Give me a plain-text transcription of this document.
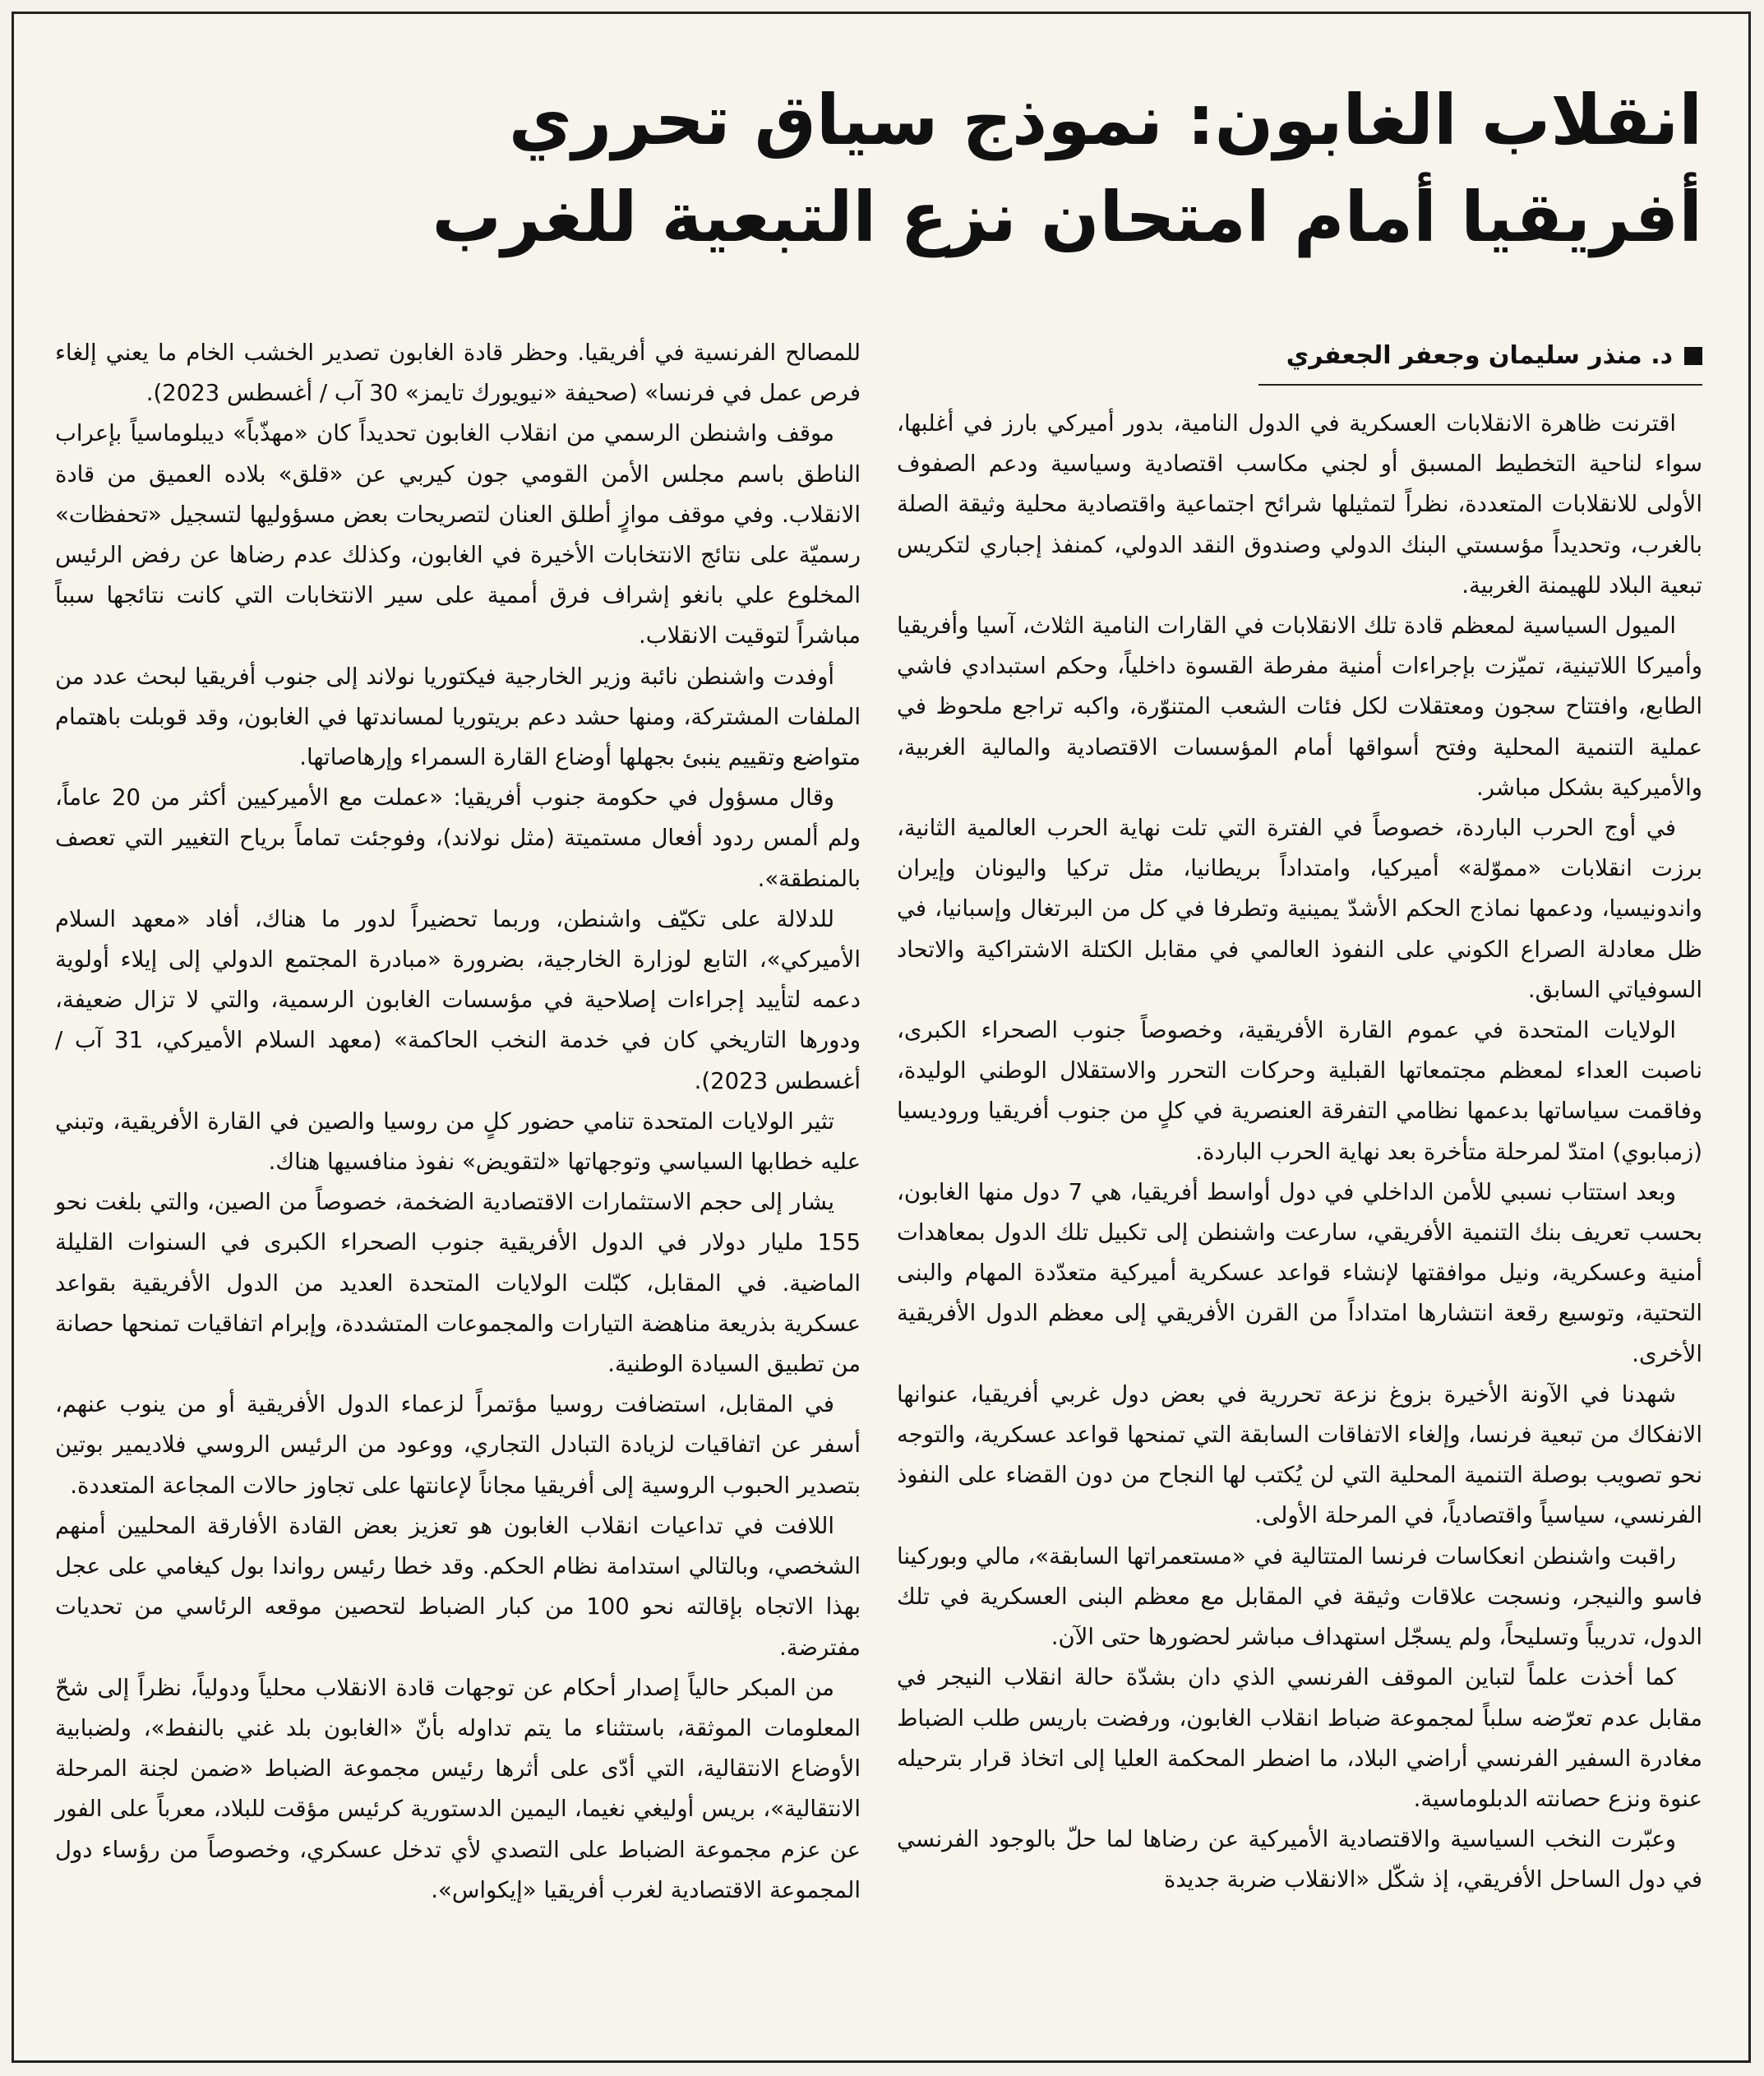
انقلاب الغابون: نموذج سياق تحرري
أفريقيا أمام امتحان نزع التبعية للغرب
د. منذر سليمان وجعفر الجعفري

اقترنت ظاهرة الانقلابات العسكرية في الدول النامية، بدور أميركي بارز في أغلبها، سواء لناحية التخطيط المسبق أو لجني مكاسب اقتصادية وسياسية ودعم الصفوف الأولى للانقلابات المتعددة، نظراً لتمثيلها شرائح اجتماعية واقتصادية محلية وثيقة الصلة بالغرب، وتحديداً مؤسستي البنك الدولي وصندوق النقد الدولي، كمنفذ إجباري لتكريس تبعية البلاد للهيمنة الغربية.

الميول السياسية لمعظم قادة تلك الانقلابات في القارات النامية الثلاث، آسيا وأفريقيا وأميركا اللاتينية، تميّزت بإجراءات أمنية مفرطة القسوة داخلياً، وحكم استبدادي فاشي الطابع، وافتتاح سجون ومعتقلات لكل فئات الشعب المتنوّرة، واكبه تراجع ملحوظ في عملية التنمية المحلية وفتح أسواقها أمام المؤسسات الاقتصادية والمالية الغربية، والأميركية بشكل مباشر.

في أوج الحرب الباردة، خصوصاً في الفترة التي تلت نهاية الحرب العالمية الثانية، برزت انقلابات «مموّلة» أميركيا، وامتداداً بريطانيا، مثل تركيا واليونان وإيران واندونيسيا، ودعمها نماذج الحكم الأشدّ يمينية وتطرفا في كل من البرتغال وإسبانيا، في ظل معادلة الصراع الكوني على النفوذ العالمي في مقابل الكتلة الاشتراكية والاتحاد السوفياتي السابق.

الولايات المتحدة في عموم القارة الأفريقية، وخصوصاً جنوب الصحراء الكبرى، ناصبت العداء لمعظم مجتمعاتها القبلية وحركات التحرر والاستقلال الوطني الوليدة، وفاقمت سياساتها بدعمها نظامي التفرقة العنصرية في كلٍ من جنوب أفريقيا وروديسيا (زمبابوي) امتدّ لمرحلة متأخرة بعد نهاية الحرب الباردة.

وبعد استتاب نسبي للأمن الداخلي في دول أواسط أفريقيا، هي 7 دول منها الغابون، بحسب تعريف بنك التنمية الأفريقي، سارعت واشنطن إلى تكبيل تلك الدول بمعاهدات أمنية وعسكرية، ونيل موافقتها لإنشاء قواعد عسكرية أميركية متعدّدة المهام والبنى التحتية، وتوسيع رقعة انتشارها امتداداً من القرن الأفريقي إلى معظم الدول الأفريقية الأخرى.

شهدنا في الآونة الأخيرة بزوغ نزعة تحررية في بعض دول غربي أفريقيا، عنوانها الانفكاك من تبعية فرنسا، وإلغاء الاتفاقات السابقة التي تمنحها قواعد عسكرية، والتوجه نحو تصويب بوصلة التنمية المحلية التي لن يُكتب لها النجاح من دون القضاء على النفوذ الفرنسي، سياسياً واقتصادياً، في المرحلة الأولى.

راقبت واشنطن انعكاسات فرنسا المتتالية في «مستعمراتها السابقة»، مالي وبوركينا فاسو والنيجر، ونسجت علاقات وثيقة في المقابل مع معظم البنى العسكرية في تلك الدول، تدريباً وتسليحاً، ولم يسجّل استهداف مباشر لحضورها حتى الآن.

كما أخذت علماً لتباين الموقف الفرنسي الذي دان بشدّة حالة انقلاب النيجر في مقابل عدم تعرّضه سلباً لمجموعة ضباط انقلاب الغابون، ورفضت باريس طلب الضباط مغادرة السفير الفرنسي أراضي البلاد، ما اضطر المحكمة العليا إلى اتخاذ قرار بترحيله عنوة ونزع حصانته الدبلوماسية.

وعبّرت النخب السياسية والاقتصادية الأميركية عن رضاها لما حلّ بالوجود الفرنسي في دول الساحل الأفريقي، إذ شكّل «الانقلاب ضربة جديدة

للمصالح الفرنسية في أفريقيا. وحظر قادة الغابون تصدير الخشب الخام ما يعني إلغاء فرص عمل في فرنسا» (صحيفة «نيويورك تايمز» 30 آب / أغسطس 2023).

موقف واشنطن الرسمي من انقلاب الغابون تحديداً كان «مهذّباً» ديبلوماسياً بإعراب الناطق باسم مجلس الأمن القومي جون كيربي عن «قلق» بلاده العميق من قادة الانقلاب. وفي موقف موازٍ أطلق العنان لتصريحات بعض مسؤوليها لتسجيل «تحفظات» رسميّة على نتائج الانتخابات الأخيرة في الغابون، وكذلك عدم رضاها عن رفض الرئيس المخلوع علي بانغو إشراف فرق أممية على سير الانتخابات التي كانت نتائجها سبباً مباشراً لتوقيت الانقلاب.

أوفدت واشنطن نائبة وزير الخارجية فيكتوريا نولاند إلى جنوب أفريقيا لبحث عدد من الملفات المشتركة، ومنها حشد دعم بريتوريا لمساندتها في الغابون، وقد قوبلت باهتمام متواضع وتقييم ينبئ بجهلها أوضاع القارة السمراء وإرهاصاتها.

وقال مسؤول في حكومة جنوب أفريقيا: «عملت مع الأميركيين أكثر من 20 عاماً، ولم ألمس ردود أفعال مستميتة (مثل نولاند)، وفوجئت تماماً برياح التغيير التي تعصف بالمنطقة».

للدلالة على تكيّف واشنطن، وربما تحضيراً لدور ما هناك، أفاد «معهد السلام الأميركي»، التابع لوزارة الخارجية، بضرورة «مبادرة المجتمع الدولي إلى إيلاء أولوية دعمه لتأييد إجراءات إصلاحية في مؤسسات الغابون الرسمية، والتي لا تزال ضعيفة، ودورها التاريخي كان في خدمة النخب الحاكمة» (معهد السلام الأميركي، 31 آب / أغسطس 2023).

تثير الولايات المتحدة تنامي حضور كلٍ من روسيا والصين في القارة الأفريقية، وتبني عليه خطابها السياسي وتوجهاتها «لتقويض» نفوذ منافسيها هناك.

يشار إلى حجم الاستثمارات الاقتصادية الضخمة، خصوصاً من الصين، والتي بلغت نحو 155 مليار دولار في الدول الأفريقية جنوب الصحراء الكبرى في السنوات القليلة الماضية. في المقابل، كبّلت الولايات المتحدة العديد من الدول الأفريقية بقواعد عسكرية بذريعة مناهضة التيارات والمجموعات المتشددة، وإبرام اتفاقيات تمنحها حصانة من تطبيق السيادة الوطنية.

في المقابل، استضافت روسيا مؤتمراً لزعماء الدول الأفريقية أو من ينوب عنهم، أسفر عن اتفاقيات لزيادة التبادل التجاري، ووعود من الرئيس الروسي فلاديمير بوتين بتصدير الحبوب الروسية إلى أفريقيا مجاناً لإعانتها على تجاوز حالات المجاعة المتعددة.

اللافت في تداعيات انقلاب الغابون هو تعزيز بعض القادة الأفارقة المحليين أمنهم الشخصي، وبالتالي استدامة نظام الحكم. وقد خطا رئيس رواندا بول كيغامي على عجل بهذا الاتجاه بإقالته نحو 100 من كبار الضباط لتحصين موقعه الرئاسي من تحديات مفترضة.

من المبكر حالياً إصدار أحكام عن توجهات قادة الانقلاب محلياً ودولياً، نظراً إلى شحّ المعلومات الموثقة، باستثناء ما يتم تداوله بأنّ «الغابون بلد غني بالنفط»، ولضبابية الأوضاع الانتقالية، التي أدّى على أثرها رئيس مجموعة الضباط «ضمن لجنة المرحلة الانتقالية»، بريس أوليغي نغيما، اليمين الدستورية كرئيس مؤقت للبلاد، معرباً على الفور عن عزم مجموعة الضباط على التصدي لأي تدخل عسكري، وخصوصاً من رؤساء دول المجموعة الاقتصادية لغرب أفريقيا «إيكواس».
